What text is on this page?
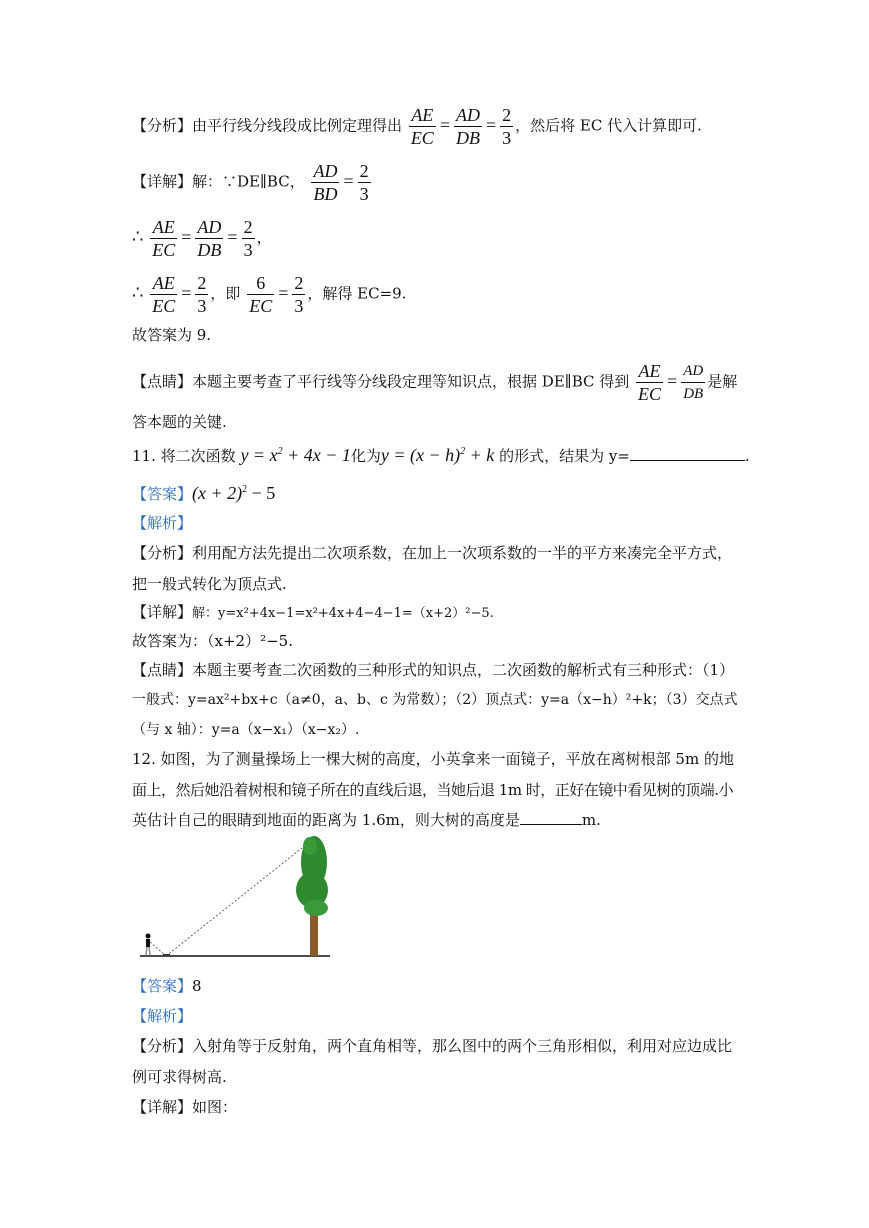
【分析】由平行线分线段成比例定理得出 $\frac{AE}{EC} = \frac{AD}{DB} = \frac{2}{3}$ ，然后将 EC 代入计算即可.
【详解】解：∵DE∥BC， $\frac{AD}{BD} = \frac{2}{3}$
∴ $\frac{AE}{EC} = \frac{AD}{DB} = \frac{2}{3}$ ，
∴ $\frac{AE}{EC} = \frac{2}{3}$ ，即 $\frac{6}{EC} = \frac{2}{3}$ ，解得 EC=9.
故答案为 9.
【点睛】本题主要考查了平行线等分线段定理等知识点，根据 DE∥BC 得到 $\frac{AE}{EC} = \frac{AD}{DB}$ 是解
答本题的关键.
11. 将二次函数 $y = x^2 + 4x - 1$化为$y = (x - h)^2 + k$ 的形式，结果为 y=	.
【答案】$(x + 2)^2 - 5$
【解析】
【分析】利用配方法先提出二次项系数，在加上一次项系数的一半的平方来凑完全平方式，
把一般式转化为顶点式.
【详解】解：y=x²+4x−1=x²+4x+4−4−1=（x+2）²−5.
故答案为：（x+2）²−5.
【点睛】本题主要考查二次函数的三种形式的知识点，二次函数的解析式有三种形式：（1）
一般式：y=ax²+bx+c（a≠0，a、b、c 为常数）；（2）顶点式：y=a（x−h）²+k；（3）交点式
（与 x 轴）：y=a（x−x₁）（x−x₂）.
12. 如图，为了测量操场上一棵大树的高度，小英拿来一面镜子，平放在离树根部 5m 的地
面上，然后她沿着树根和镜子所在的直线后退，当她后退 1m 时，正好在镜中看见树的顶端.小
英估计自己的眼睛到地面的距离为 1.6m，则大树的高度是	m.
【答案】8
【解析】
【分析】入射角等于反射角，两个直角相等，那么图中的两个三角形相似，利用对应边成比
例可求得树高.
【详解】如图：
